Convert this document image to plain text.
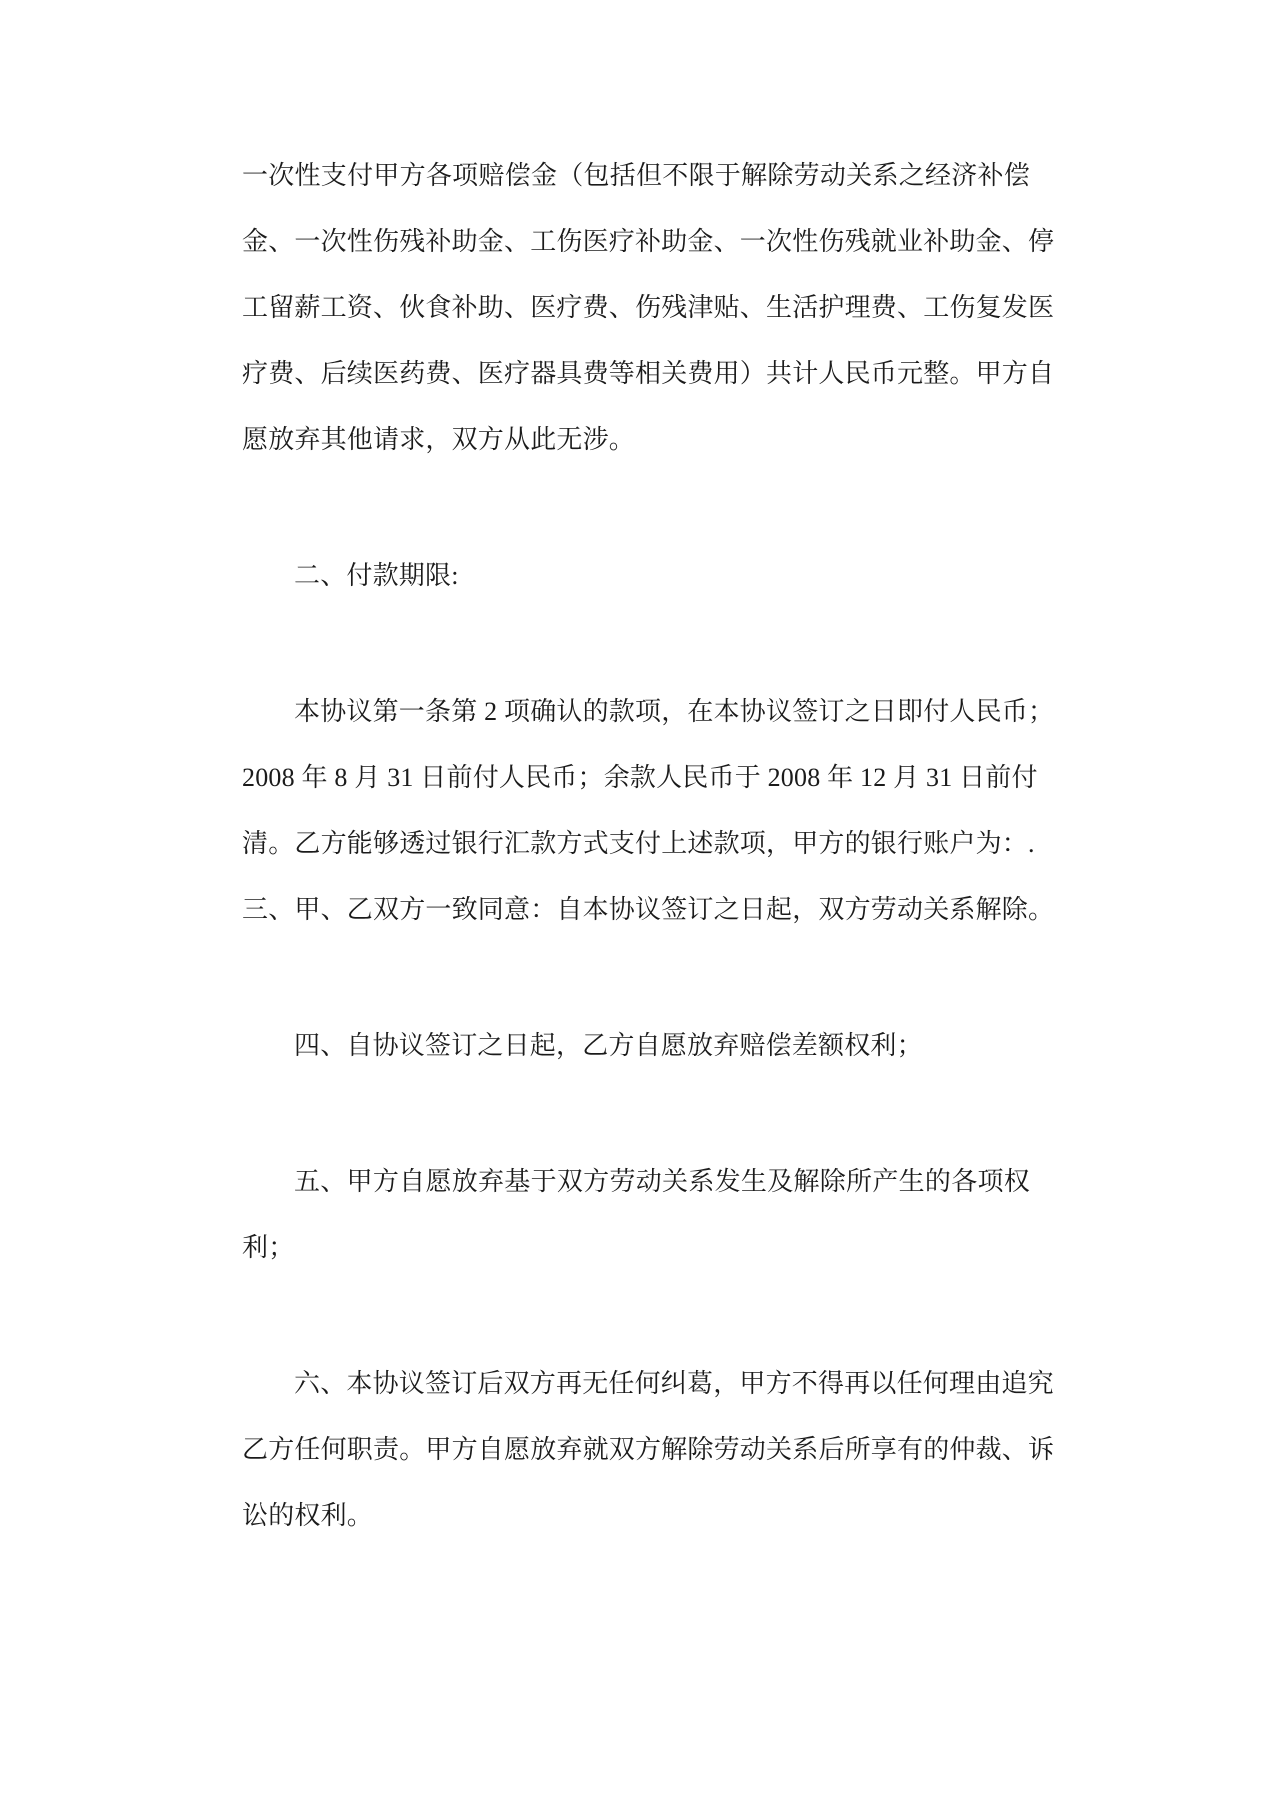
一次性支付甲方各项赔偿金（包括但不限于解除劳动关系之经济补偿
金、一次性伤残补助金、工伤医疗补助金、一次性伤残就业补助金、停
工留薪工资、伙食补助、医疗费、伤残津贴、生活护理费、工伤复发医
疗费、后续医药费、医疗器具费等相关费用）共计人民币元整。甲方自
愿放弃其他请求，双方从此无涉。
二、付款期限:
本协议第一条第 2 项确认的款项，在本协议签订之日即付人民币；
2008 年 8 月 31 日前付人民币；余款人民币于 2008 年 12 月 31 日前付
清。乙方能够透过银行汇款方式支付上述款项，甲方的银行账户为：.
三、甲、乙双方一致同意：自本协议签订之日起，双方劳动关系解除。
四、自协议签订之日起，乙方自愿放弃赔偿差额权利；
五、甲方自愿放弃基于双方劳动关系发生及解除所产生的各项权
利；
六、本协议签订后双方再无任何纠葛，甲方不得再以任何理由追究
乙方任何职责。甲方自愿放弃就双方解除劳动关系后所享有的仲裁、诉
讼的权利。
